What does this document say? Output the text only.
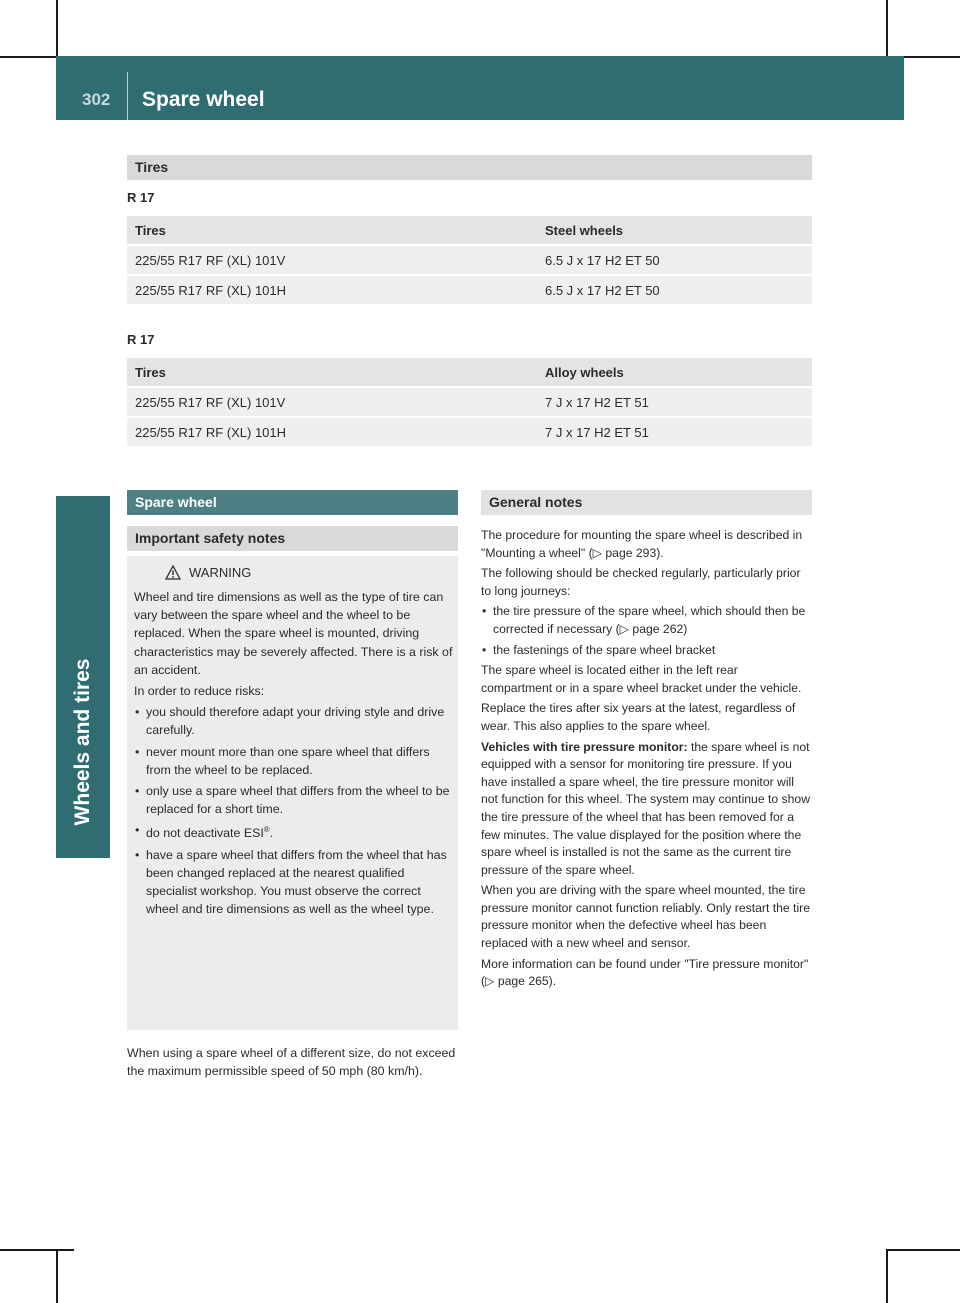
302 Spare wheel
Wheels and tires
Tires
R 17
Tires	Steel wheels
225/55 R17 RF (XL) 101V	6.5 J x 17 H2 ET 50
225/55 R17 RF (XL) 101H	6.5 J x 17 H2 ET 50
R 17
Tires	Alloy wheels
225/55 R17 RF (XL) 101V	7 J x 17 H2 ET 51
225/55 R17 RF (XL) 101H	7 J x 17 H2 ET 51
Spare wheel
Important safety notes
WARNING

Wheel and tire dimensions as well as the type of tire can vary between the spare wheel and the wheel to be replaced. When the spare wheel is mounted, driving characteristics may be severely affected. There is a risk of an accident.

In order to reduce risks:

• you should therefore adapt your driving style and drive carefully.
• never mount more than one spare wheel that differs from the wheel to be replaced.
• only use a spare wheel that differs from the wheel to be replaced for a short time.
• do not deactivate ESI®.
• have a spare wheel that differs from the wheel that has been changed replaced at the nearest qualified specialist workshop. You must observe the correct wheel and tire dimensions as well as the wheel type.

When using a spare wheel of a different size, do not exceed the maximum permissible speed of 50 mph (80 km/h).

General notes

The procedure for mounting the spare wheel is described in "Mounting a wheel" (▷ page 293).

The following should be checked regularly, particularly prior to long journeys:

• the tire pressure of the spare wheel, which should then be corrected if necessary (▷ page 262)
• the fastenings of the spare wheel bracket

The spare wheel is located either in the left rear compartment or in a spare wheel bracket under the vehicle.

Replace the tires after six years at the latest, regardless of wear. This also applies to the spare wheel.

Vehicles with tire pressure monitor: the spare wheel is not equipped with a sensor for monitoring tire pressure. If you have installed a spare wheel, the tire pressure monitor will not function for this wheel. The system may continue to show the tire pressure of the wheel that has been removed for a few minutes. The value displayed for the position where the spare wheel is installed is not the same as the current tire pressure of the spare wheel.

When you are driving with the spare wheel mounted, the tire pressure monitor cannot function reliably. Only restart the tire pressure monitor when the defective wheel has been replaced with a new wheel and sensor.

More information can be found under "Tire pressure monitor" (▷ page 265).
